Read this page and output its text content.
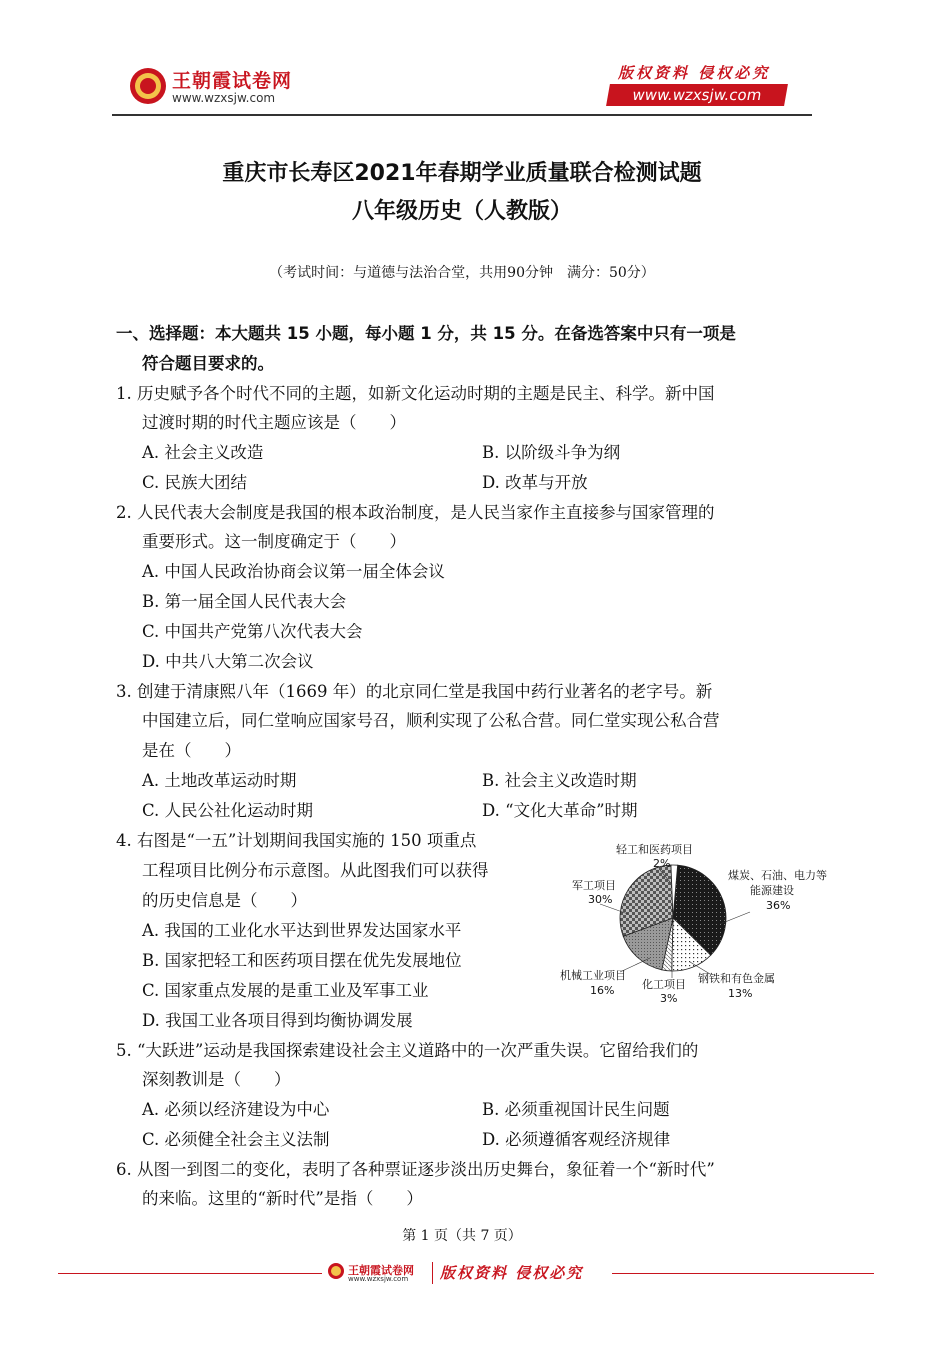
王朝霞试卷网
www.wzxsjw.com
版权资料 侵权必究
www.wzxsjw.com
重庆市长寿区2021年春期学业质量联合检测试题
八年级历史（人教版）
（考试时间：与道德与法治合堂，共用90分钟　满分：50分）
一、选择题：本大题共 15 小题，每小题 1 分，共 15 分。在备选答案中只有一项是
符合题目要求的。
1. 历史赋予各个时代不同的主题，如新文化运动时期的主题是民主、科学。新中国
过渡时期的时代主题应该是（　　）
A. 社会主义改造	B. 以阶级斗争为纲
C. 民族大团结	D. 改革与开放
2. 人民代表大会制度是我国的根本政治制度，是人民当家作主直接参与国家管理的
重要形式。这一制度确定于（　　）
A. 中国人民政治协商会议第一届全体会议
B. 第一届全国人民代表大会
C. 中国共产党第八次代表大会
D. 中共八大第二次会议
3. 创建于清康熙八年（1669 年）的北京同仁堂是我国中药行业著名的老字号。新
中国建立后，同仁堂响应国家号召，顺利实现了公私合营。同仁堂实现公私合营
是在（　　）
A. 土地改革运动时期	B. 社会主义改造时期
C. 人民公社化运动时期	D. “文化大革命”时期
4. 右图是“一五”计划期间我国实施的 150 项重点
工程项目比例分布示意图。从此图我们可以获得
的历史信息是（　　）
A. 我国的工业化水平达到世界发达国家水平
B. 国家把轻工和医药项目摆在优先发展地位
C. 国家重点发展的是重工业及军事工业
D. 我国工业各项目得到均衡协调发展
轻工和医药项目
2%
军工项目
30%
煤炭、石油、电力等
能源建设
36%
机械工业项目
16%	化工项目
3%
钢铁和有色金属
13%
5. “大跃进”运动是我国探索建设社会主义道路中的一次严重失误。它留给我们的
深刻教训是（　　）
A. 必须以经济建设为中心	B. 必须重视国计民生问题
C. 必须健全社会主义法制	D. 必须遵循客观经济规律
6. 从图一到图二的变化，表明了各种票证逐步淡出历史舞台，象征着一个“新时代”
的来临。这里的“新时代”是指（　　）
第 1 页（共 7 页）
王朝霞试卷网
www.wzxsjw.com 版权资料 侵权必究
